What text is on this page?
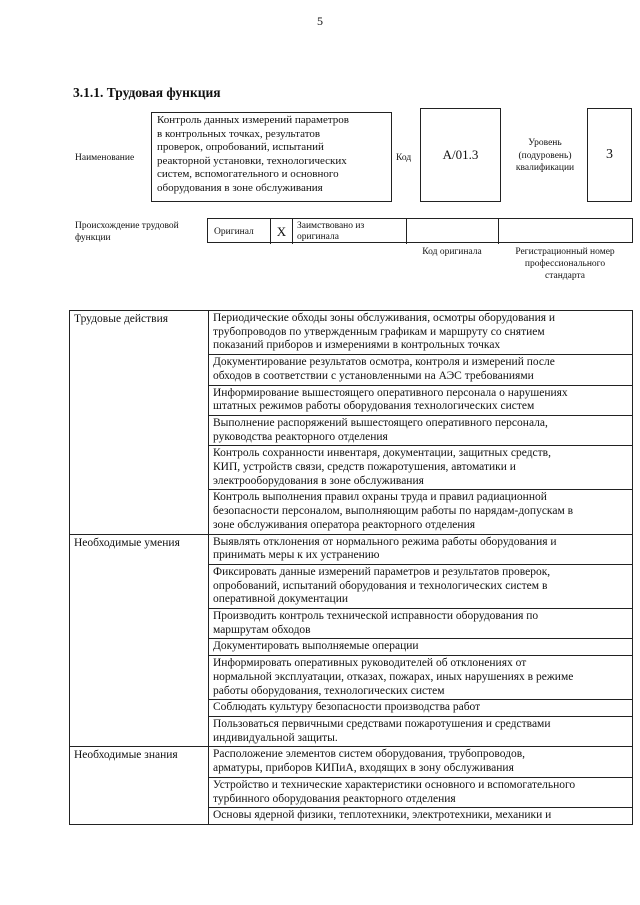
5
3.1.1. Трудовая функция
Наименование
Контроль данных измерений параметров
в контрольных точках, результатов
проверок, опробований, испытаний
реакторной установки, технологических
систем, вспомогательного и основного
оборудования в зоне обслуживания
Код	A/01.3
Уровень
(подуровень)
квалификации
3
Происхождение трудовой
функции
Оригинал	X	Заимствовано из
оригинала
Код оригинала	Регистрационный номер
профессионального
стандарта
Трудовые действия	Периодические обходы зоны обслуживания, осмотры оборудования и
трубопроводов по утвержденным графикам и маршруту со снятием
показаний приборов и измерениями в контрольных точках

	Документирование результатов осмотра, контроля и измерений после
обходов в соответствии с установленными на АЭС требованиями

	Информирование вышестоящего оперативного персонала о нарушениях
штатных режимов работы оборудования технологических систем

	Выполнение распоряжений вышестоящего оперативного персонала,
руководства реакторного отделения

	Контроль сохранности инвентаря, документации, защитных средств,
КИП, устройств связи, средств пожаротушения, автоматики и
электрооборудования в зоне обслуживания

	Контроль выполнения правил охраны труда и правил радиационной
безопасности персоналом, выполняющим работы по нарядам-допускам в
зоне обслуживания оператора реакторного отделения

Необходимые умения	Выявлять отклонения от нормального режима работы оборудования и
принимать меры к их устранению

	Фиксировать данные измерений параметров и результатов проверок,
опробований, испытаний оборудования и технологических систем в
оперативной документации

	Производить контроль технической исправности оборудования по
маршрутам обходов

	Документировать выполняемые операции

	Информировать оперативных руководителей об отклонениях от
нормальной эксплуатации, отказах, пожарах, иных нарушениях в режиме
работы оборудования, технологических систем

	Соблюдать культуру безопасности производства работ

	Пользоваться первичными средствами пожаротушения и средствами
индивидуальной защиты.

Необходимые знания	Расположение элементов систем оборудования, трубопроводов,
арматуры, приборов КИПиА, входящих в зону обслуживания

	Устройство и технические характеристики основного и вспомогательного
турбинного оборудования реакторного отделения

	Основы ядерной физики, теплотехники, электротехники, механики и
